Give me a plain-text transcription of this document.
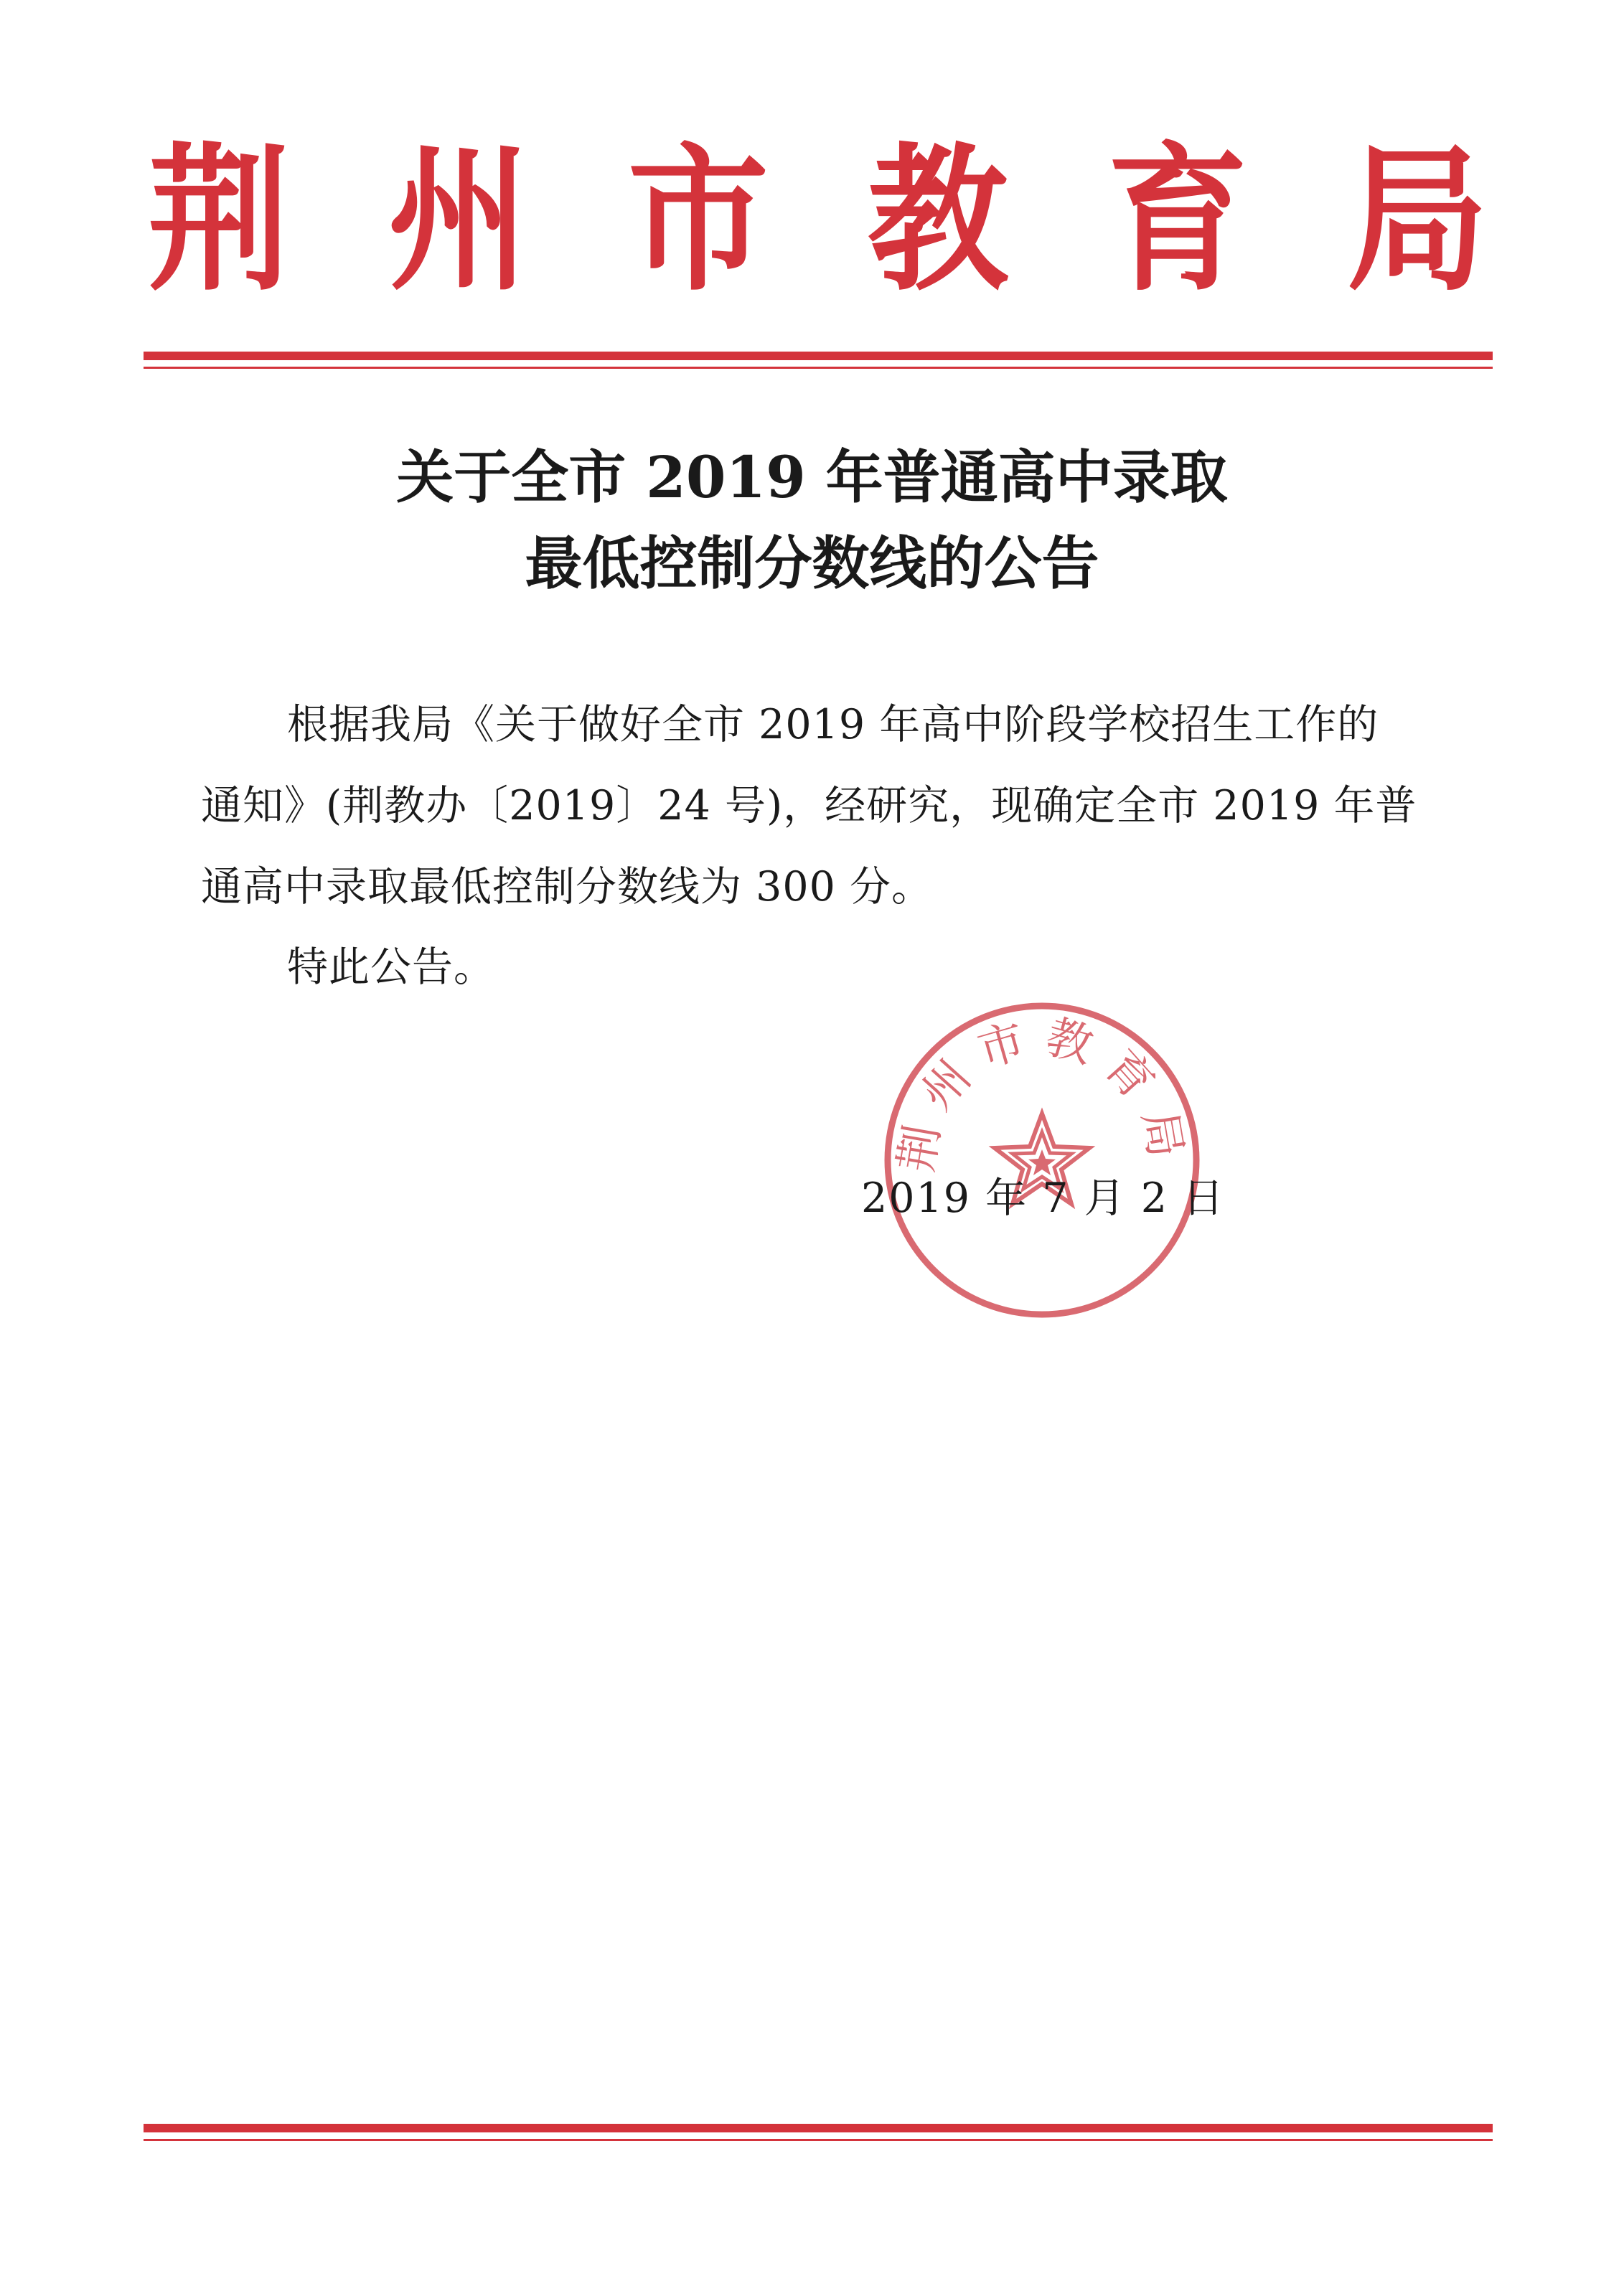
荆 州 市 教 育 局
关于全市 2019 年普通高中录取
最低控制分数线的公告
根据我局《关于做好全市 2019 年高中阶段学校招生工作的
通知》(荆教办〔2019〕24 号)，经研究，现确定全市 2019 年普
通高中录取最低控制分数线为 300 分。
特此公告。
荆州市教育局
2019 年 7 月 2 日
